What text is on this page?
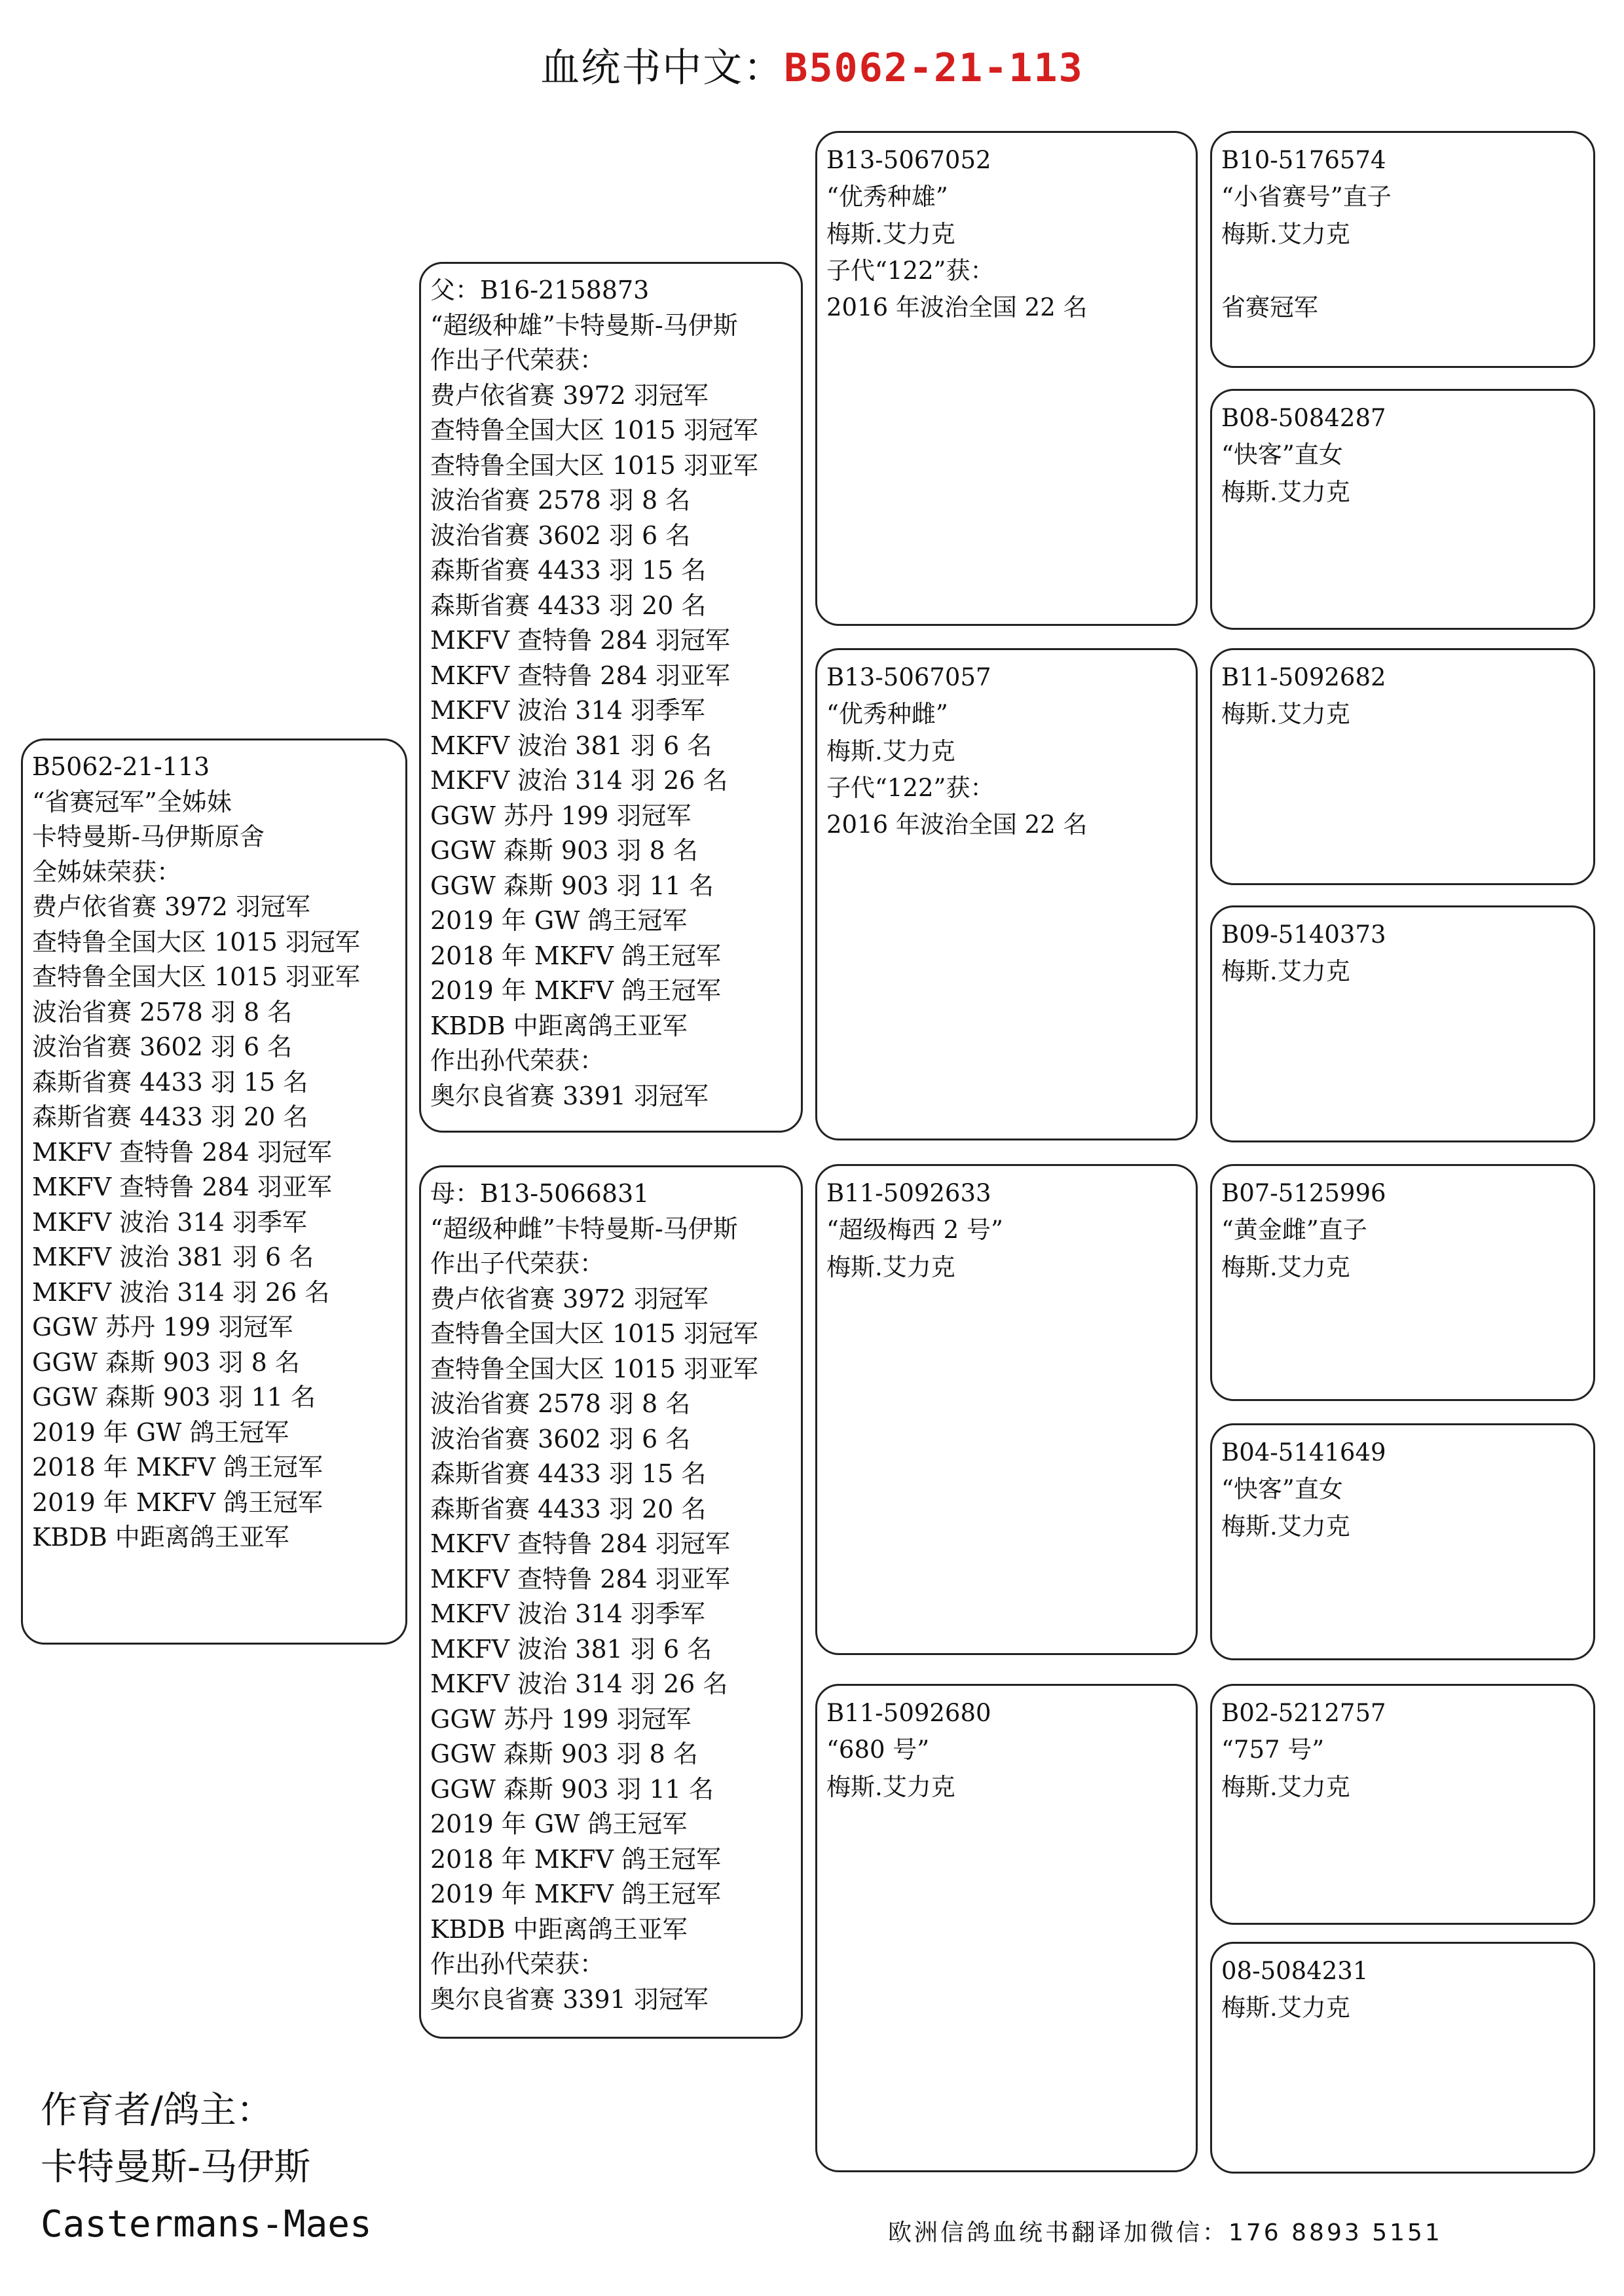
血统书中文：B5062-21-113
B5062-21-113
“省赛冠军”全姊妹
卡特曼斯-马伊斯原舍
全姊妹荣获：
费卢依省赛 3972 羽冠军
查特鲁全国大区 1015 羽冠军
查特鲁全国大区 1015 羽亚军
波治省赛 2578 羽 8 名
波治省赛 3602 羽 6 名
森斯省赛 4433 羽 15 名
森斯省赛 4433 羽 20 名
MKFV 查特鲁 284 羽冠军
MKFV 查特鲁 284 羽亚军
MKFV 波治 314 羽季军
MKFV 波治 381 羽 6 名
MKFV 波治 314 羽 26 名
GGW 苏丹 199 羽冠军
GGW 森斯 903 羽 8 名
GGW 森斯 903 羽 11 名
2019 年 GW 鸽王冠军
2018 年 MKFV 鸽王冠军
2019 年 MKFV 鸽王冠军
KBDB 中距离鸽王亚军
父：B16-2158873
“超级种雄”卡特曼斯-马伊斯
作出子代荣获：
费卢依省赛 3972 羽冠军
查特鲁全国大区 1015 羽冠军
查特鲁全国大区 1015 羽亚军
波治省赛 2578 羽 8 名
波治省赛 3602 羽 6 名
森斯省赛 4433 羽 15 名
森斯省赛 4433 羽 20 名
MKFV 查特鲁 284 羽冠军
MKFV 查特鲁 284 羽亚军
MKFV 波治 314 羽季军
MKFV 波治 381 羽 6 名
MKFV 波治 314 羽 26 名
GGW 苏丹 199 羽冠军
GGW 森斯 903 羽 8 名
GGW 森斯 903 羽 11 名
2019 年 GW 鸽王冠军
2018 年 MKFV 鸽王冠军
2019 年 MKFV 鸽王冠军
KBDB 中距离鸽王亚军
作出孙代荣获：
奥尔良省赛 3391 羽冠军
母：B13-5066831
“超级种雌”卡特曼斯-马伊斯
作出子代荣获：
费卢依省赛 3972 羽冠军
查特鲁全国大区 1015 羽冠军
查特鲁全国大区 1015 羽亚军
波治省赛 2578 羽 8 名
波治省赛 3602 羽 6 名
森斯省赛 4433 羽 15 名
森斯省赛 4433 羽 20 名
MKFV 查特鲁 284 羽冠军
MKFV 查特鲁 284 羽亚军
MKFV 波治 314 羽季军
MKFV 波治 381 羽 6 名
MKFV 波治 314 羽 26 名
GGW 苏丹 199 羽冠军
GGW 森斯 903 羽 8 名
GGW 森斯 903 羽 11 名
2019 年 GW 鸽王冠军
2018 年 MKFV 鸽王冠军
2019 年 MKFV 鸽王冠军
KBDB 中距离鸽王亚军
作出孙代荣获：
奥尔良省赛 3391 羽冠军
B13-5067052
“优秀种雄”
梅斯.艾力克
子代“122”获：
2016 年波治全国 22 名
B13-5067057
“优秀种雌”
梅斯.艾力克
子代“122”获：
2016 年波治全国 22 名
B11-5092633
“超级梅西 2 号”
梅斯.艾力克
B11-5092680
“680 号”
梅斯.艾力克
B10-5176574
“小省赛号”直子
梅斯.艾力克

省赛冠军
B08-5084287
“快客”直女
梅斯.艾力克
B11-5092682
梅斯.艾力克
B09-5140373
梅斯.艾力克
B07-5125996
“黄金雌”直子
梅斯.艾力克
B04-5141649
“快客”直女
梅斯.艾力克
B02-5212757
“757 号”
梅斯.艾力克
08-5084231
梅斯.艾力克
作育者/鸽主：
卡特曼斯-马伊斯
Castermans-Maes	欧洲信鸽血统书翻译加微信：176 8893 5151
